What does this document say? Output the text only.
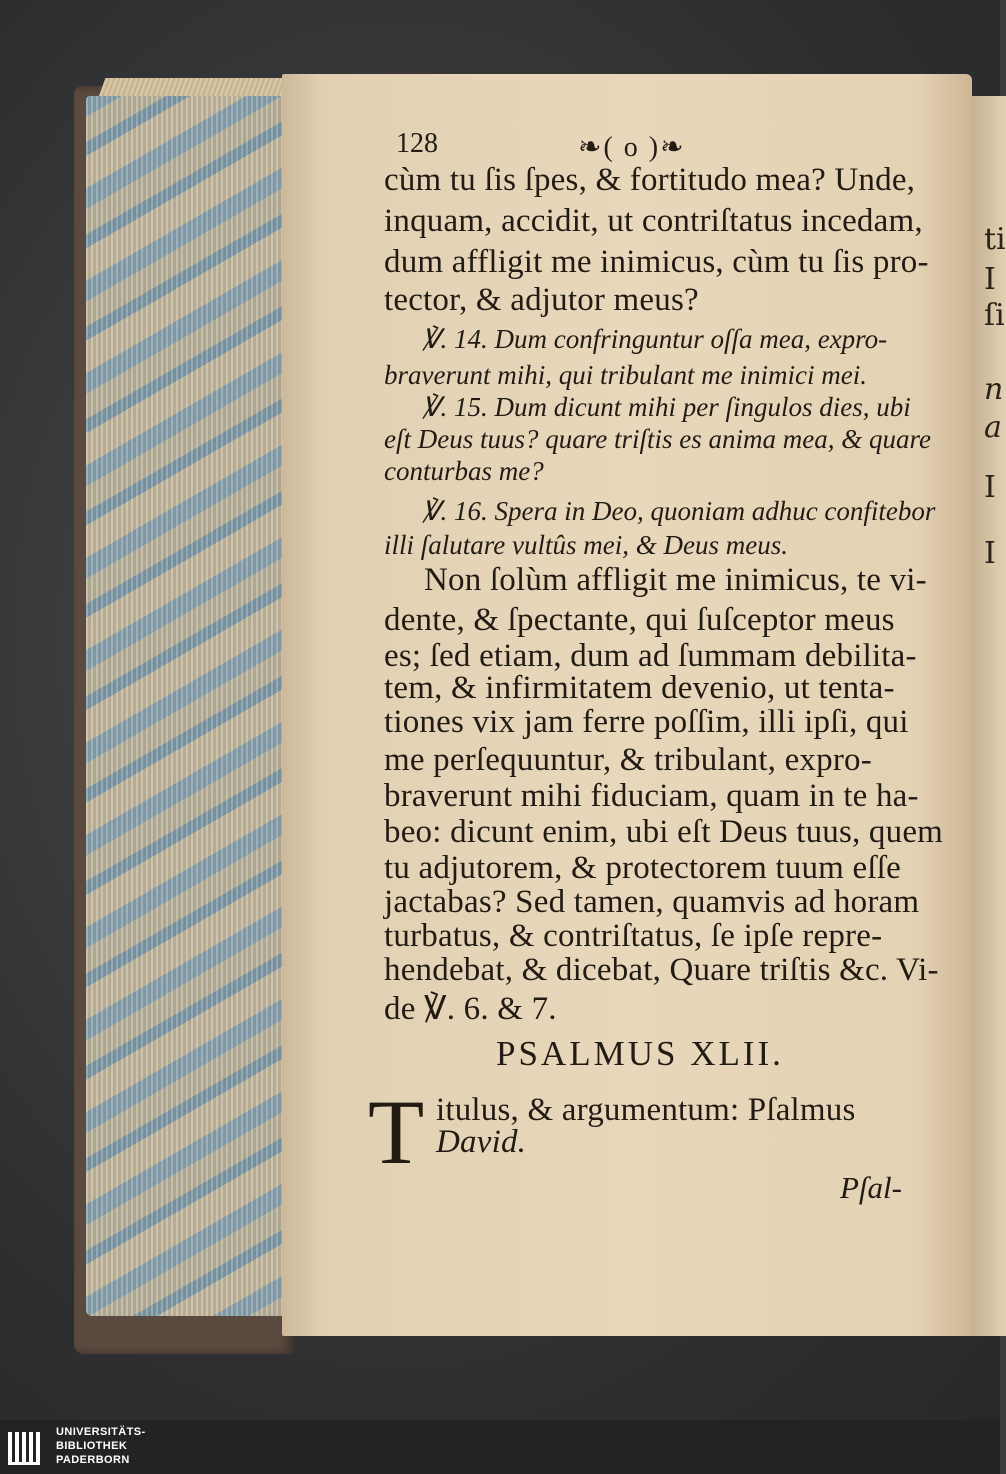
ti
I
ſi
n
a
I
I
128	❧( o )❧
cùm tu ſis ſpes, & fortitudo mea? Unde,
inquam, accidit, ut contriſtatus incedam,
dum affligit me inimicus, cùm tu ſis pro-
tector, & adjutor meus?
℣. 14. Dum confringuntur oſſa mea, expro-
braverunt mihi, qui tribulant me inimici mei.
℣. 15. Dum dicunt mihi per ſingulos dies, ubi
eſt Deus tuus? quare triſtis es anima mea, & quare
conturbas me?
℣. 16. Spera in Deo, quoniam adhuc confitebor
illi ſalutare vultûs mei, & Deus meus.
Non ſolùm affligit me inimicus, te vi-
dente, & ſpectante, qui ſuſceptor meus
es; ſed etiam, dum ad ſummam debilita-
tem, & infirmitatem devenio, ut tenta-
tiones vix jam ferre poſſim, illi ipſi, qui
me perſequuntur, & tribulant, expro-
braverunt mihi fiduciam, quam in te ha-
beo: dicunt enim, ubi eſt Deus tuus, quem
tu adjutorem, & protectorem tuum eſſe
jactabas? Sed tamen, quamvis ad horam
turbatus, & contriſtatus, ſe ipſe repre-
hendebat, & dicebat, Quare triſtis &c. Vi-
de ℣. 6. & 7.
itulus, & argumentum: Pſalmus
David.
PSALMUS XLII.
T
Pſal-
UNIVERSITÄTS-
BIBLIOTHEK
PADERBORN
